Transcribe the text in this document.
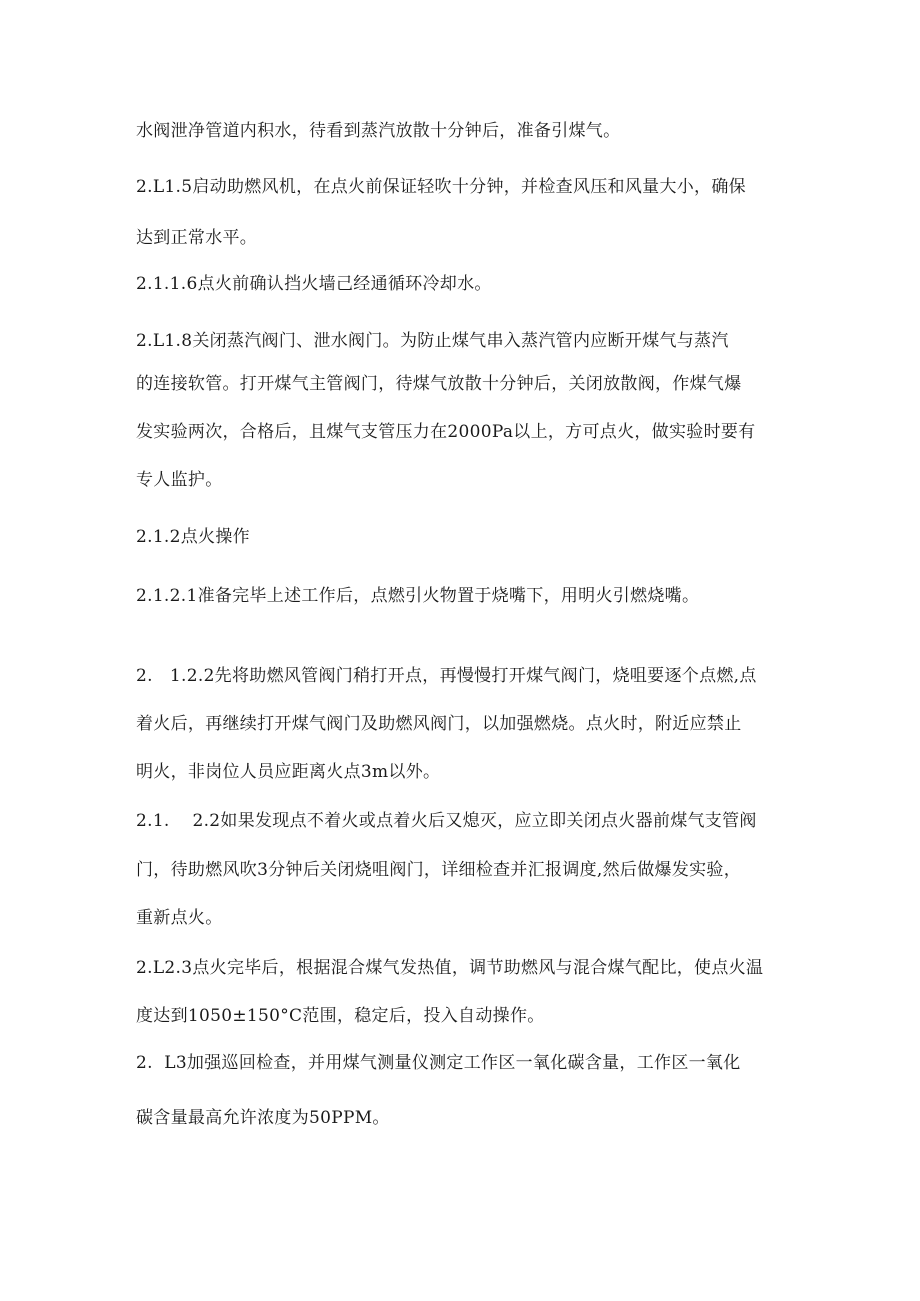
水阀泄净管道内积水，待看到蒸汽放散十分钟后，准备引煤气。

2.L1.5启动助燃风机，在点火前保证轻吹十分钟，并检查风压和风量大小，确保

达到正常水平。

2.1.1.6点火前确认挡火墙己经通循环冷却水。

2.L1.8关闭蒸汽阀门、泄水阀门。为防止煤气串入蒸汽管内应断开煤气与蒸汽

的连接软管。打开煤气主管阀门，待煤气放散十分钟后，关闭放散阀，作煤气爆

发实验两次，合格后，且煤气支管压力在2000Pa以上，方可点火，做实验时要有

专人监护。

2.1.2点火操作

2.1.2.1准备完毕上述工作后，点燃引火物置于烧嘴下，用明火引燃烧嘴。

2.   1.2.2先将助燃风管阀门稍打开点，再慢慢打开煤气阀门，烧咀要逐个点燃,点

着火后，再继续打开煤气阀门及助燃风阀门，以加强燃烧。点火时，附近应禁止

明火，非岗位人员应距离火点3m以外。

2.1.    2.2如果发现点不着火或点着火后又熄灭，应立即关闭点火器前煤气支管阀

门，待助燃风吹3分钟后关闭烧咀阀门，详细检查并汇报调度,然后做爆发实验，

重新点火。

2.L2.3点火完毕后，根据混合煤气发热值，调节助燃风与混合煤气配比，使点火温

度达到1050±150°C范围，稳定后，投入自动操作。

2.  L3加强巡回检查，并用煤气测量仪测定工作区一氧化碳含量，工作区一氧化

碳含量最高允许浓度为50PPM。
